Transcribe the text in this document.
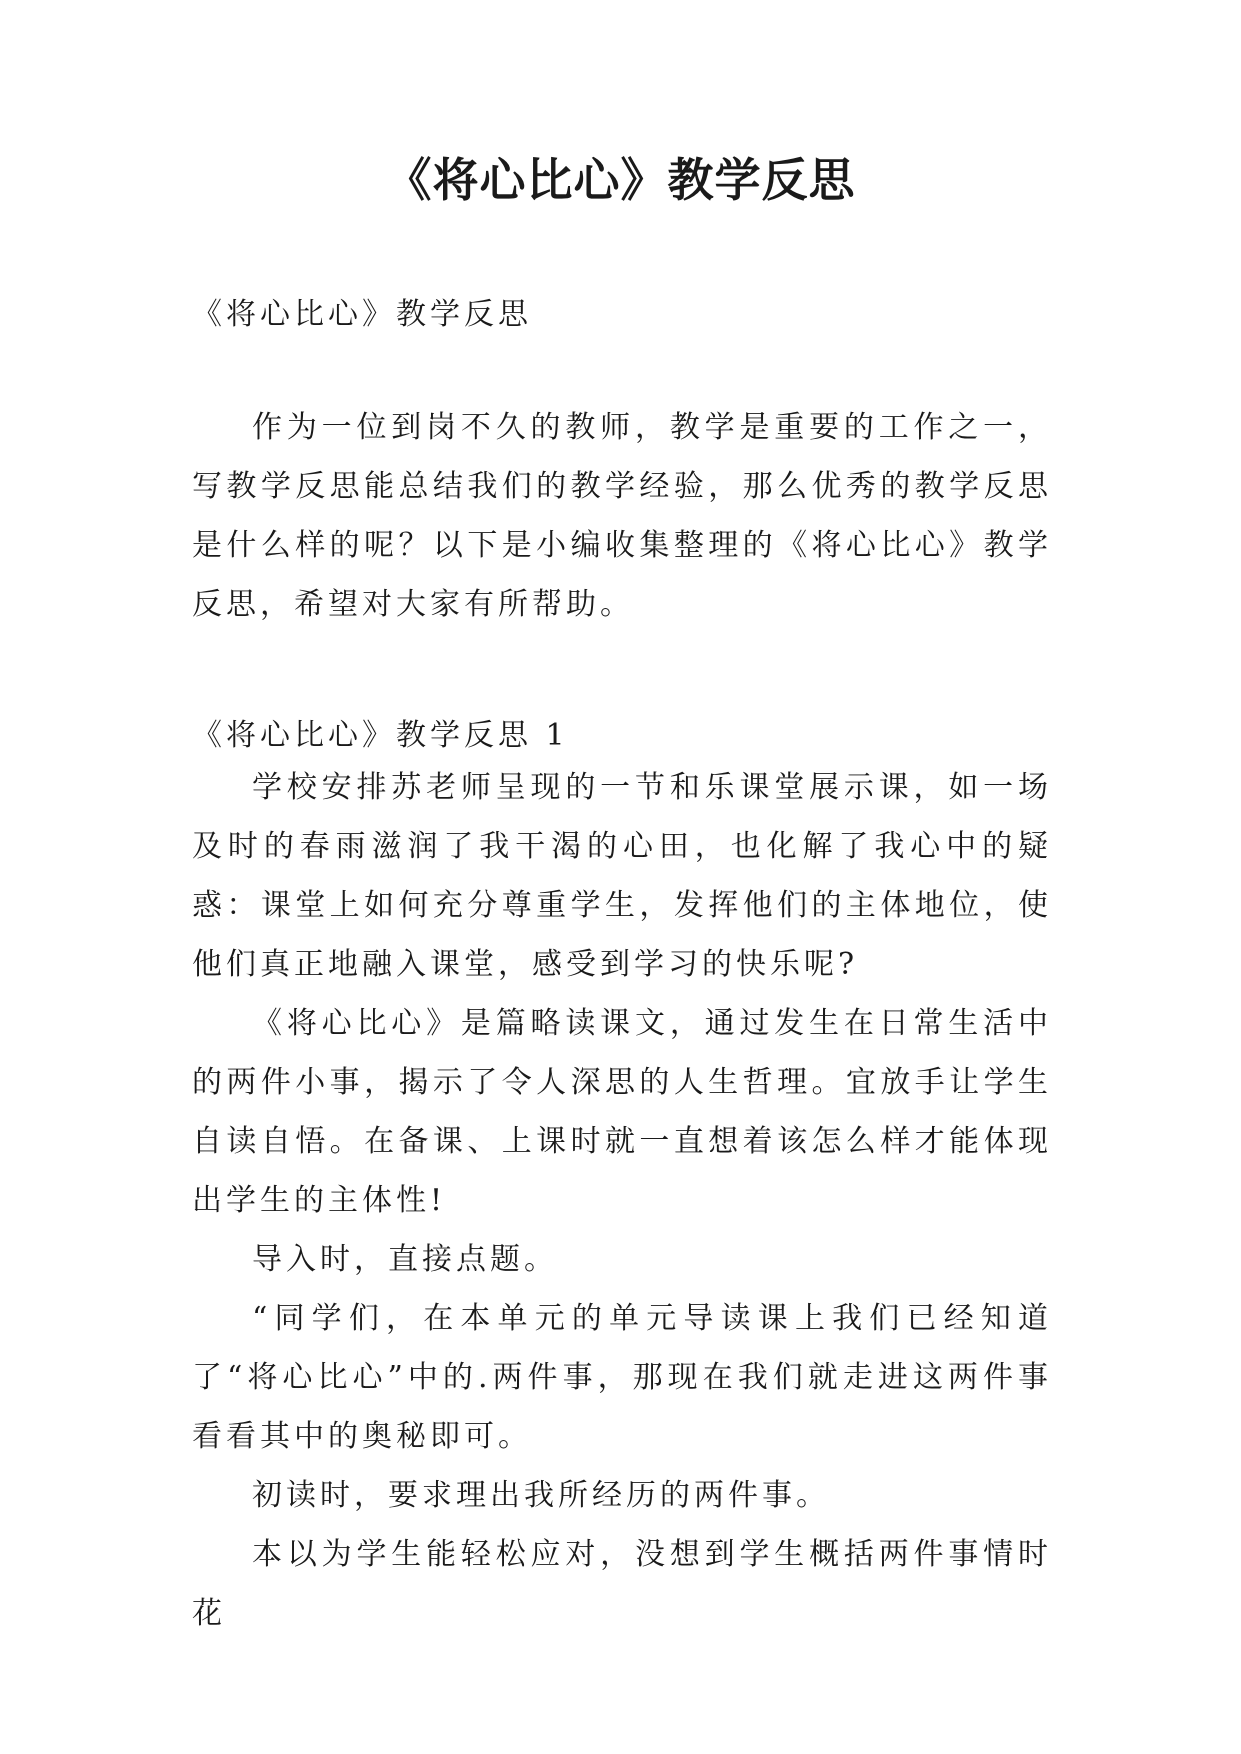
《将心比心》教学反思

《将心比心》教学反思

作为一位到岗不久的教师，教学是重要的工作之一，写教学反思能总结我们的教学经验，那么优秀的教学反思是什么样的呢？以下是小编收集整理的《将心比心》教学反思，希望对大家有所帮助。

《将心比心》教学反思 1

学校安排苏老师呈现的一节和乐课堂展示课，如一场及时的春雨滋润了我干渴的心田，也化解了我心中的疑惑：课堂上如何充分尊重学生，发挥他们的主体地位，使他们真正地融入课堂，感受到学习的快乐呢?

《将心比心》是篇略读课文，通过发生在日常生活中的两件小事，揭示了令人深思的人生哲理。宜放手让学生自读自悟。在备课、上课时就一直想着该怎么样才能体现出学生的主体性!

导入时，直接点题。

“同学们，在本单元的单元导读课上我们已经知道了“将心比心”中的.两件事，那现在我们就走进这两件事看看其中的奥秘即可。

初读时，要求理出我所经历的两件事。

本以为学生能轻松应对，没想到学生概括两件事情时花
